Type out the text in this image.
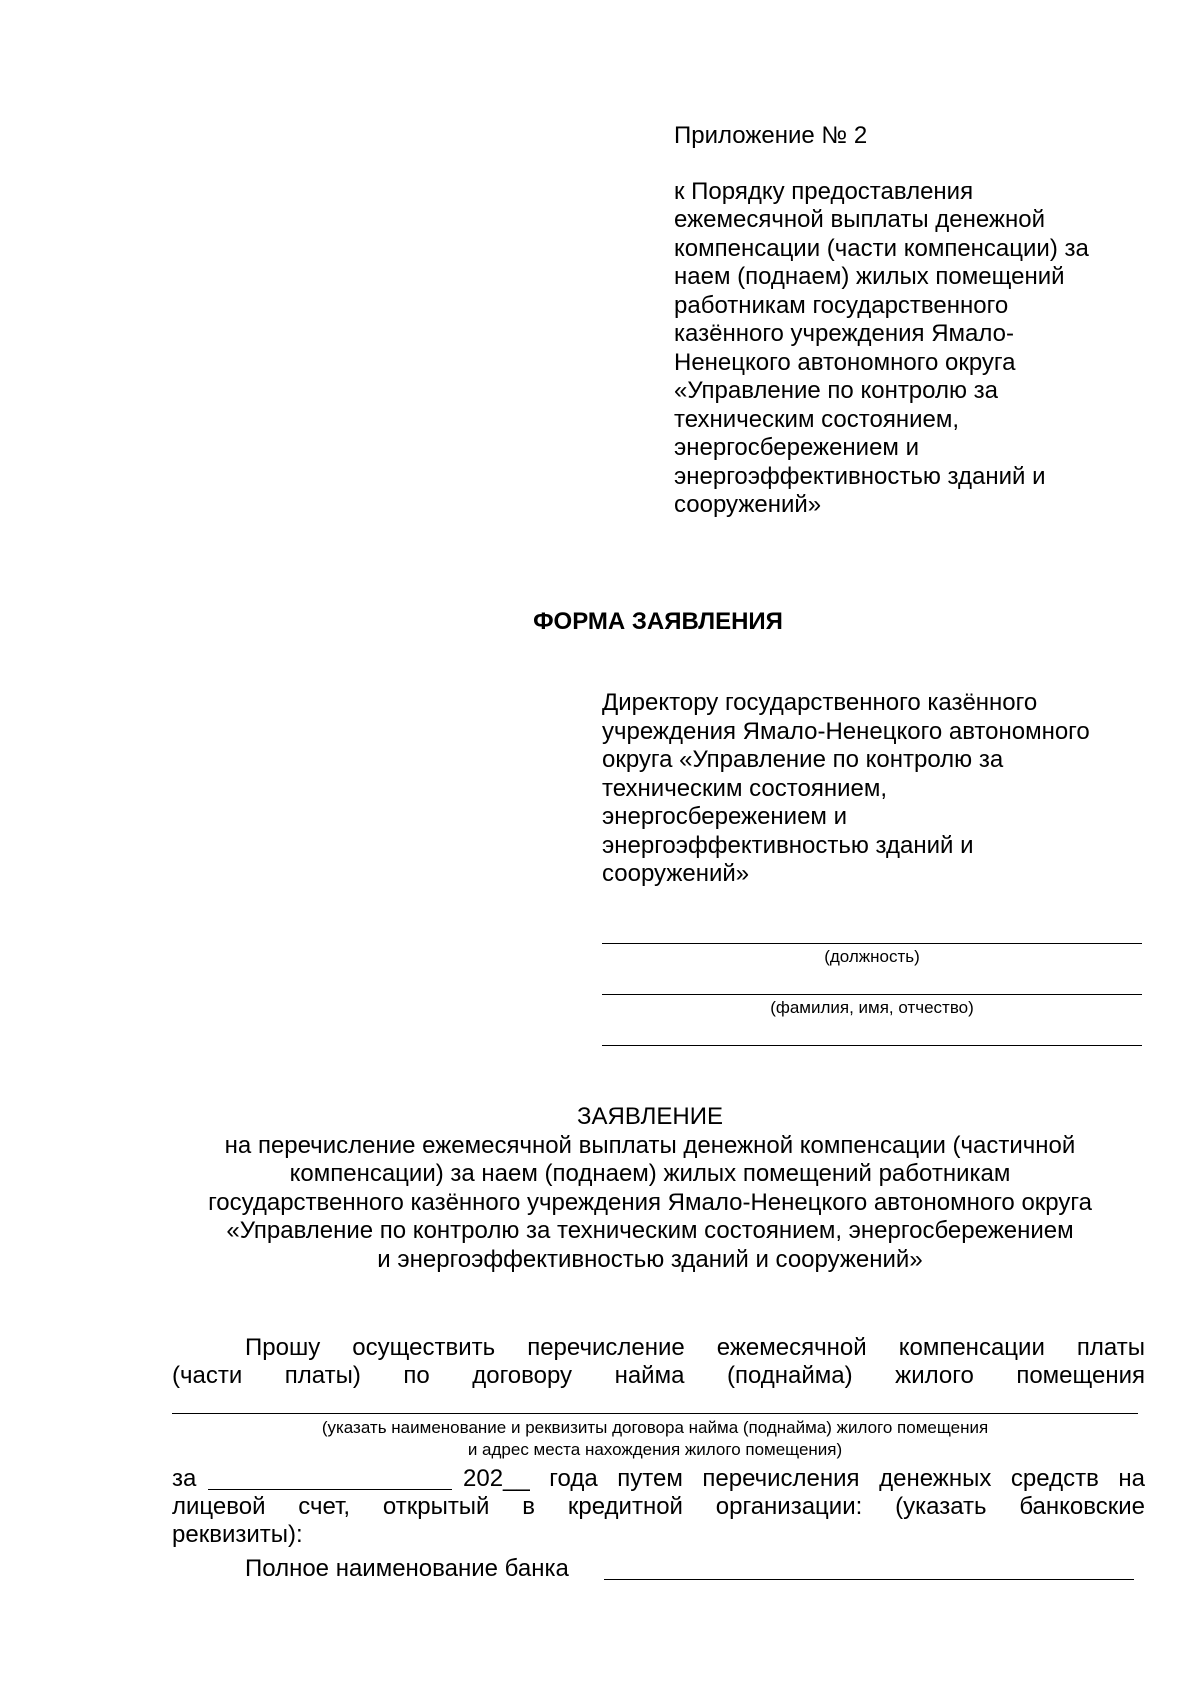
Приложение № 2
к Порядку предоставления
ежемесячной выплаты денежной
компенсации (части компенсации) за
наем (поднаем) жилых помещений
работникам государственного
казённого учреждения Ямало-
Ненецкого автономного округа
«Управление по контролю за
техническим состоянием,
энергосбережением и
энергоэффективностью зданий и
сооружений»
ФОРМА ЗАЯВЛЕНИЯ
Директору государственного казённого
учреждения Ямало-Ненецкого автономного
округа «Управление по контролю за
техническим состоянием,
энергосбережением и
энергоэффективностью зданий и
сооружений»
(должность)
(фамилия, имя, отчество)
ЗАЯВЛЕНИЕ
на перечисление ежемесячной выплаты денежной компенсации (частичной
компенсации) за наем (поднаем) жилых помещений работникам
государственного казённого учреждения Ямало-Ненецкого автономного округа
«Управление по контролю за техническим состоянием, энергосбережением
и энергоэффективностью зданий и сооружений»
Прошу осуществить перечисление ежемесячной компенсации платы
(части платы) по договору найма (поднайма) жилого помещения
(указать наименование и реквизиты договора найма (поднайма) жилого помещения
и адрес места нахождения жилого помещения)
за	202__ года путем перечисления денежных средств на
лицевой счет, открытый в кредитной организации: (указать банковские
реквизиты):
Полное наименование банка
